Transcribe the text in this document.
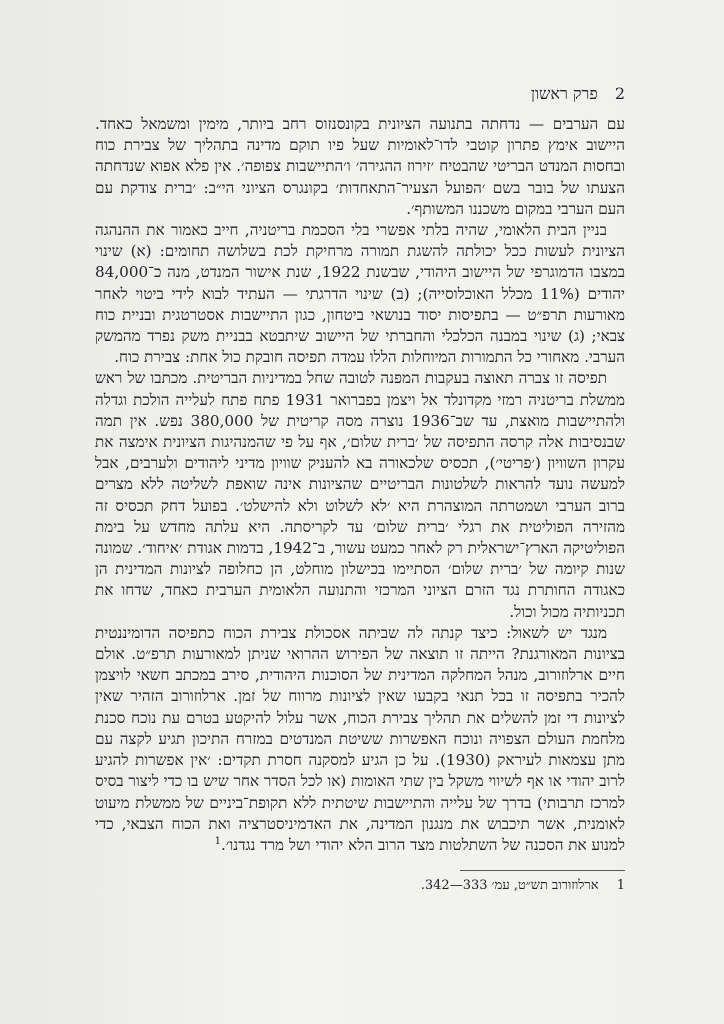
2 פרק ראשון

עם הערבים — נדחתה בתנועה הציונית בקונסנזוס רחב ביותר, מימין ומשמאל כאחד. היישוב אימץ פתרון קוטבי לדו־לאומיות שעל פיו תוקם מדינה בתהליך של צבירת כוח ובחסות המנדט הבריטי שהבטיח ׳זירוז ההגירה׳ ו׳התיישבות צפופה׳. אין פלא אפוא שנדחתה הצעתו של בובר בשם ׳הפועל הצעיר־התאחדות׳ בקונגרס הציוני הי״ב: ׳ברית צודקת עם העם הערבי במקום משכננו המשותף׳.

בניין הבית הלאומי, שהיה בלתי אפשרי בלי הסכמת בריטניה, חייב כאמור את ההנהגה הציונית לעשות ככל יכולתה להשגת תמורה מרחיקת לכת בשלושה תחומים: (א) שינוי במצבו הדמוגרפי של היישוב היהודי, שבשנת 1922, שנת אישור המנדט, מנה כ־84,000 יהודים (11% מכלל האוכלוסייה); (ב) שינוי הדרגתי — העתיד לבוא לידי ביטוי לאחר מאורעות תרפ״ט — בתפיסות יסוד בנושאי ביטחון, כגון התיישבות אסטרטגית ובניית כוח צבאי; (ג) שינוי במבנה הכלכלי והחברתי של היישוב שיתבטא בבניית משק נפרד מהמשק הערבי. מאחורי כל התמורות המיוחלות הללו עמדה תפיסה חובקת כול אחת: צבירת כוח.

תפיסה זו צברה תאוצה בעקבות המפנה לטובה שחל במדיניות הבריטית. מכתבו של ראש ממשלת בריטניה רמזי מקדונלד אל ויצמן בפברואר 1931 פתח פתח לעלייה הולכת וגדלה ולהתיישבות מואצת, עד שב־1936 נוצרה מסה קריטית של 380,000 נפש. אין תמה שבנסיבות אלה קרסה התפיסה של ׳ברית שלום׳, אף על פי שהמנהיגות הציונית אימצה את עקרון השוויון (׳פריטי׳), תכסיס שלכאורה בא להעניק שוויון מדיני ליהודים ולערבים, אבל למעשה נועד להראות לשלטונות הבריטיים שהציונות אינה שואפת לשליטה ללא מצרים ברוב הערבי ושמטרתה המוצהרת היא ׳לא לשלוט ולא להישלט׳. בפועל דחק תכסיס זה מהזירה הפוליטית את רגלי ׳ברית שלום׳ עד לקריסתה. היא עלתה מחדש על בימת הפוליטיקה הארץ־ישראלית רק לאחר כמעט עשור, ב־1942, בדמות אגודת ׳איחוד׳. שמונה שנות קיומה של ׳ברית שלום׳ הסתיימו בכישלון מוחלט, הן כחלופה לציונות המדינית הן כאגודה החותרת נגד הזרם הציוני המרכזי והתנועה הלאומית הערבית כאחד, שדחו את תכניותיה מכול וכול.

מנגד יש לשאול: כיצד קנתה לה שביתה אסכולת צבירת הכוח כתפיסה הדומיננטית בציונות המאורגנת? הייתה זו תוצאה של הפירוש ההרואי שניתן למאורעות תרפ״ט. אולם חיים ארלוזורוב, מנהל המחלקה המדינית של הסוכנות היהודית, סירב במכתב חשאי לויצמן להכיר בתפיסה זו בכל תנאי בקבעו שאין לציונות מרווח של זמן. ארלוזורוב הזהיר שאין לציונות די זמן להשלים את תהליך צבירת הכוח, אשר עלול להיקטע בטרם עת נוכח סכנת מלחמת העולם הצפויה ונוכח האפשרות ששיטת המנדטים במזרח התיכון תגיע לקצה עם מתן עצמאות לעיראק (1930). על כן הגיע למסקנה חסרת תקדים: ׳אין אפשרות להגיע לרוב יהודי או אף לשיווי משקל בין שתי האומות (או לכל הסדר אחר שיש בו כדי ליצור בסיס למרכז תרבותי) בדרך של עלייה והתיישבות שיטתית ללא תקופת־ביניים של ממשלת מיעוט לאומנית, אשר תיכבוש את מנגנון המדינה, את האדמיניסטרציה ואת הכוח הצבאי, כדי למנוע את הסכנה של השתלטות מצד הרוב הלא יהודי ושל מרד נגדנו׳.$^1$

1 ארלוזורוב תש״ט, עמ׳ 333—342.
